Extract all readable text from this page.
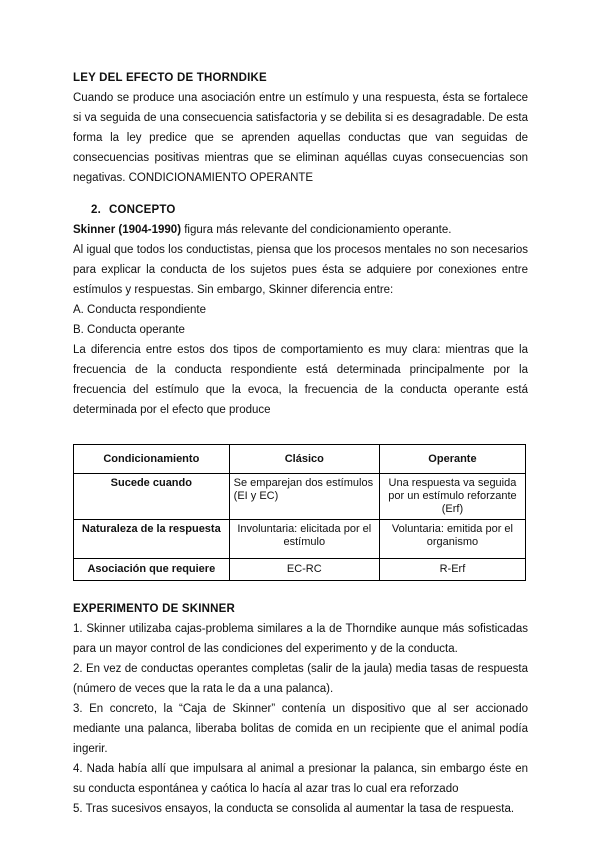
LEY DEL EFECTO DE THORNDIKE

Cuando se produce una asociación entre un estímulo y una respuesta, ésta se fortalece si va seguida de una consecuencia satisfactoria y se debilita si es desagradable. De esta forma la ley predice que se aprenden aquellas conductas que van seguidas de consecuencias positivas mientras que se eliminan aquéllas cuyas consecuencias son negativas. CONDICIONAMIENTO OPERANTE

2. CONCEPTO

Skinner (1904-1990) figura más relevante del condicionamiento operante.

Al igual que todos los conductistas, piensa que los procesos mentales no son necesarios para explicar la conducta de los sujetos pues ésta se adquiere por conexiones entre estímulos y respuestas. Sin embargo, Skinner diferencia entre:

A. Conducta respondiente

B. Conducta operante

La diferencia entre estos dos tipos de comportamiento es muy clara: mientras que la frecuencia de la conducta respondiente está determinada principalmente por la frecuencia del estímulo que la evoca, la frecuencia de la conducta operante está determinada por el efecto que produce

Condicionamiento	Clásico	Operante
Sucede cuando	Se emparejan dos estímulos (EI y EC)	Una respuesta va seguida por un estímulo reforzante (Erf)
Naturaleza de la respuesta	Involuntaria: elicitada por el estímulo	Voluntaria: emitida por el organismo
Asociación que requiere	EC-RC	R-Erf
EXPERIMENTO DE SKINNER

1. Skinner utilizaba cajas-problema similares a la de Thorndike aunque más sofisticadas para un mayor control de las condiciones del experimento y de la conducta.

2. En vez de conductas operantes completas (salir de la jaula) media tasas de respuesta (número de veces que la rata le da a una palanca).

3. En concreto, la “Caja de Skinner” contenía un dispositivo que al ser accionado mediante una palanca, liberaba bolitas de comida en un recipiente que el animal podía ingerir.

4. Nada había allí que impulsara al animal a presionar la palanca, sin embargo éste en su conducta espontánea y caótica lo hacía al azar tras lo cual era reforzado

5. Tras sucesivos ensayos, la conducta se consolida al aumentar la tasa de respuesta.
